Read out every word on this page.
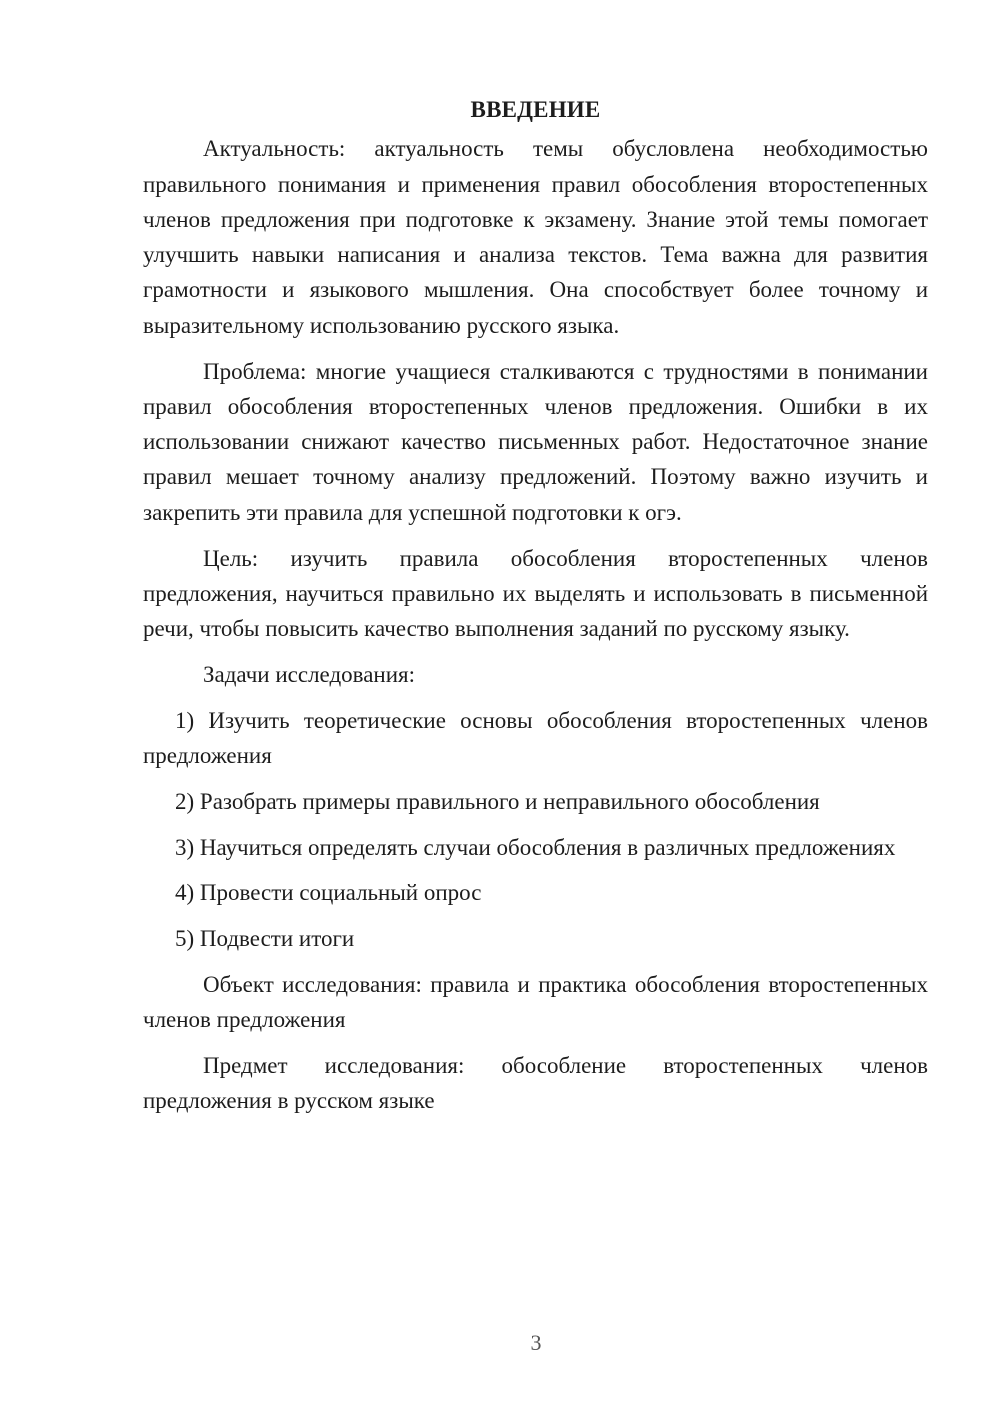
ВВЕДЕНИЕ

Актуальность: актуальность темы обусловлена необходимостью правильного понимания и применения правил обособления второстепенных членов предложения при подготовке к экзамену. Знание этой темы помогает улучшить навыки написания и анализа текстов. Тема важна для развития грамотности и языкового мышления. Она способствует более точному и выразительному использованию русского языка.

Проблема: многие учащиеся сталкиваются с трудностями в понимании правил обособления второстепенных членов предложения. Ошибки в их использовании снижают качество письменных работ. Недостаточное знание правил мешает точному анализу предложений. Поэтому важно изучить и закрепить эти правила для успешной подготовки к огэ.

Цель: изучить правила обособления второстепенных членов предложения, научиться правильно их выделять и использовать в письменной речи, чтобы повысить качество выполнения заданий по русскому языку.

Задачи исследования:

1) Изучить теоретические основы обособления второстепенных членов предложения

2) Разобрать примеры правильного и неправильного обособления

3) Научиться определять случаи обособления в различных предложениях

4) Провести социальный опрос

5) Подвести итоги

Объект исследования: правила и практика обособления второстепенных членов предложения

Предмет исследования: обособление второстепенных членов предложения в русском языке

3
